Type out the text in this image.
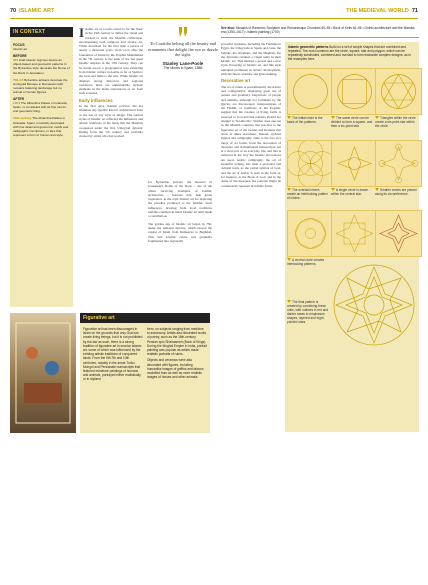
70 ISLAMIC ART	THE MEDIEVAL WORLD 71
IN CONTEXT
FOCUS
Islamic art
BEFORE
691 Arab Islamic regimes devise an object-based and geometric patterns in the Byzantine style decorate the Dome of the Rock in Jerusalem.
706–15 Byzantine artisans decorate the Umayyad Mosque in Damascus with mosaics featuring landscape but no animal or human figures.
AFTER
1354 The Alhambra Palace in Granada, Spain, is completed with its fine stucco and geometric tiling.
16th century The Alhambra Palace in Granada, Spain, is lavishly decorated with fine detail and geometric motifs and calligraphic inscriptions, in tiles that represent a form of human and style.
I slamic art as a term ceased to be 'the West' in the 19th century to define the visual arts created to exalt the Muslim civilization, encompassing both religious and secular art. While described for the first time a period of nearly a thousand years, from soon after the foundation of Islam by the Prophet Muhammad in the 7th century to the peak of the last great Islamic empires in the 17th century. They can be found across a geographical area extending from Islamic culture in Arabia as far as Spain to the west and India to the east. While Islamic art displays strong historical and regional variations, there are unmistakable stylistic elements in the many expressions of art from such societies.
Early influences
In the first days, Islamic practice did not stimulate any specific kind of architectural form or the use of any style of image. The earliest styles of Islamic art reflected the influences and artistic traditions of the lands that the Muslims conquered under the first Umayyad dynasty. Dating from the 7th century and probably created by artists who had worked
To Cordoba belong all the beauty and ornaments that delight the eye or dazzle the sight.
Stanley Lane-Poole
The Moors in Spain, 1886
for Byzantine patrons, the mosaics in Jerusalem's Dome of the Rock – one of the oldest surviving examples of Islamic architecture – features rich, lush green vegetation, in the style Islamic art for depicting the paradise promised to the faithful. Such influences, drawing from local traditions remains common in much Islamic art until made a contribution.
The golden age of Islamic art began in 750, under the Abbasid dynasty, which moved the capital of Islam from Damascus to Baghdad. This new Islamic centre was gradually fragmented into regionally
Figurative art
Figurative art has been discouraged in Islam on the grounds that only God can create living beings, but it is not prohibited by the law as such, there is a strong tradition of figurative art in secular Islamic art, some of which was influenced by the existing artistic traditions of conquered lands. From the 9th-7th and 10th centuries, notably in the areas Turko-Mongol and Persianate manuscripts that featured miniature paintings of humans and animals, portrayed either realistically or in stylized
form, on subjects ranging from medicine to astronomy. Artists also illustrated works of poetry, such as the 16th-century Persian epic Shahnameh (Book of Kings). During the Mughal Empire in India, portrait painting was popular as artists made realistic portraits of rulers.
Objects and ceramics were also decorated with figures, including humanlike images of griffins and falcons modelled from as well as more realistic images of horses and other animals.
See also: Mosaics of Ravenna; Sculpture and Romanesque Churches 60–65 • Book of Kells 64–66 • Gothic architecture and the Mamluk era (1250–1517) • Islamic painting (1700)
powerful dynasties, including the Fatimids in Egypt, the Umayyads in Spain, and, later, the Seljuks, the Ottomans, and the Mughals. Yet the dynasties retained a visual unity in their Islamic art. This marked a period and a new style, flowering as Islamic art, and this style remained prominent in artistic development, with the finest ceramics and glass-making.
Decorative art
The art of Islam is predominantly decorative and configurative, displaying great use of pattern and geometry. Depictions of people and animals, although not forbidden by the Qur'an, are discouraged. Interpretations of the Hadith, or traditions of the Prophet, suggest that the creation of living forms is reserved to God and that painters should not attempt to 'breathe life'. Neither does one see in the Muslim countries that reaction to the figurative art of the Greeks and Romans that arose at times elsewhere. Instead, stylized figures and calligraphy came to the fore in a range of art forms, from the decoration of mosques, and in illuminated manuscripts. Art is a vital part of an everyday life, and this is reflected in the way the Islamic decorations are used. Arabic calligraphy, the art of beautiful writing, has been a profound and cultural form, as the verbal symbol of God, and the art of Arabic is seen in the form as, for instance, at the Book of God, and in the dome of the mosques, the patterns might be continuously repeated in infinite forms.
Islamic geometric patterns Build on a set of simple shapes that are combined and repeated. The most common are the circle, square, star and polygon, which can be repeatedly subdivided, combined and overlaid to form elaborate complex designs, as in the examples here.
The initial circle is the basis of the patterns.
The same circle can be divided to form a square, and then a six-point star.
Triangles within the circle create a six-point star within the circle.
The overlaid circles create an interlocking pattern of circles.
A single circle is drawn within the central star.
Smaller circles are placed along its circumference.
A central circle creates interlocking patterns.
The final pattern is created by combining these units, with outlines in red and darker areas to emphasize shapes, layered and eight-pointed stars.
